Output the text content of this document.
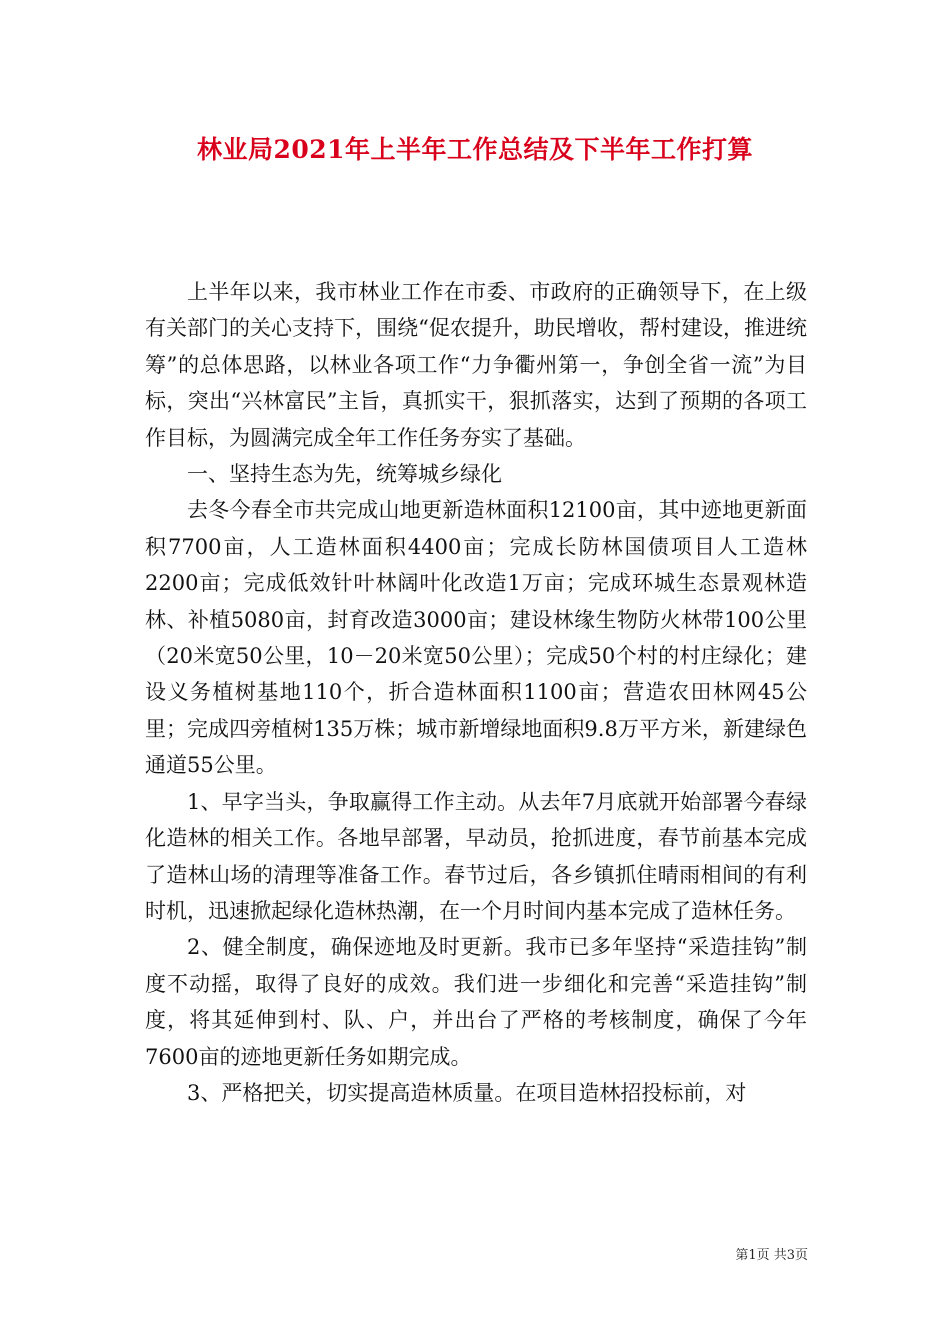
林业局2021年上半年工作总结及下半年工作打算

上半年以来，我市林业工作在市委、市政府的正确领导下，在上级有关部门的关心支持下，围绕“促农提升，助民增收，帮村建设，推进统筹”的总体思路，以林业各项工作“力争衢州第一，争创全省一流”为目标，突出“兴林富民”主旨，真抓实干，狠抓落实，达到了预期的各项工作目标，为圆满完成全年工作任务夯实了基础。

一、坚持生态为先，统筹城乡绿化

去冬今春全市共完成山地更新造林面积12100亩，其中迹地更新面积7700亩，人工造林面积4400亩；完成长防林国债项目人工造林2200亩；完成低效针叶林阔叶化改造1万亩；完成环城生态景观林造林、补植5080亩，封育改造3000亩；建设林缘生物防火林带100公里（20米宽50公里，10－20米宽50公里）；完成50个村的村庄绿化；建设义务植树基地110个，折合造林面积1100亩；营造农田林网45公里；完成四旁植树135万株；城市新增绿地面积9.8万平方米，新建绿色通道55公里。

1、早字当头，争取赢得工作主动。从去年7月底就开始部署今春绿化造林的相关工作。各地早部署，早动员，抢抓进度，春节前基本完成了造林山场的清理等准备工作。春节过后，各乡镇抓住晴雨相间的有利时机，迅速掀起绿化造林热潮，在一个月时间内基本完成了造林任务。

2、健全制度，确保迹地及时更新。我市已多年坚持“采造挂钩”制度不动摇，取得了良好的成效。我们进一步细化和完善“采造挂钩”制度，将其延伸到村、队、户，并出台了严格的考核制度，确保了今年7600亩的迹地更新任务如期完成。

3、严格把关，切实提高造林质量。在项目造林招投标前，对

第1页 共3页
